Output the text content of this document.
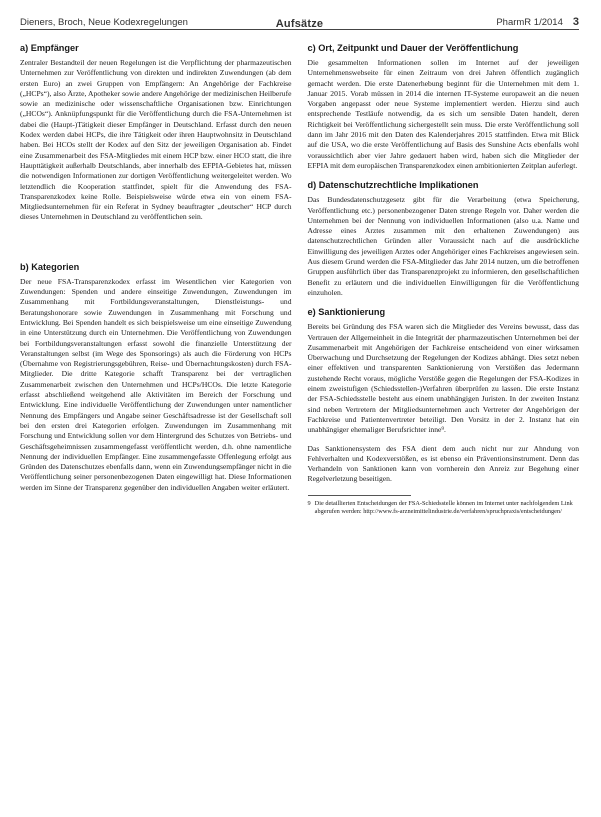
Dieners, Broch, Neue Kodexregelungen	Aufsätze	PharmR 1/2014 3
a) Empfänger

Zentraler Bestandteil der neuen Regelungen ist die Verpflichtung der pharmazeutischen Unternehmen zur Veröffentlichung von direkten und indirekten Zuwendungen (ab dem ersten Euro) an zwei Gruppen von Empfängern: An Angehörige der Fachkreise („HCPs“), also Ärzte, Apotheker sowie andere Angehörige der medizinischen Heilberufe sowie an medizinische oder wissenschaftliche Organisationen bzw. Einrichtungen („HCOs“). Anknüpfungspunkt für die Veröffentlichung durch die FSA-Unternehmen ist dabei die (Haupt-)Tätigkeit dieser Empfänger in Deutschland. Erfasst durch den neuen Kodex werden dabei HCPs, die ihre Tätigkeit oder ihren Hauptwohnsitz in Deutschland haben. Bei HCOs stellt der Kodex auf den Sitz der jeweiligen Organisation ab. Findet eine Zusammenarbeit des FSA-Mitgliedes mit einem HCP bzw. einer HCO statt, die ihre Haupttätigkeit außerhalb Deutschlands, aber innerhalb des EFPIA-Gebietes hat, müssen die notwendigen Informationen zur dortigen Veröffentlichung weitergeleitet werden. Wo letztendlich die Kooperation stattfindet, spielt für die Anwendung des FSA-Transparenzkodex keine Rolle. Beispielsweise würde etwa ein von einem FSA-Mitgliedsunternehmen für ein Referat in Sydney beauftragter „deutscher“ HCP durch dieses Unternehmen in Deutschland zu veröffentlichen sein.

b) Kategorien

Der neue FSA-Transparenzkodex erfasst im Wesentlichen vier Kategorien von Zuwendungen: Spenden und andere einseitige Zuwendungen, Zuwendungen im Zusammenhang mit Fortbildungsveranstaltungen, Dienstleistungs- und Beratungshonorare sowie Zuwendungen in Zusammenhang mit Forschung und Entwicklung. Bei Spenden handelt es sich beispielsweise um eine einseitige Zuwendung in eine Unterstützung durch ein Unternehmen. Die Veröffentlichung von Zuwendungen bei Fortbildungsveranstaltungen erfasst sowohl die finanzielle Unterstützung der Veranstaltungen selbst (im Wege des Sponsorings) als auch die Förderung von HCPs (Übernahme von Registrierungsgebühren, Reise- und Übernachtungskosten) durch FSA-Mitglieder. Die dritte Kategorie schafft Transparenz bei der vertraglichen Zusammenarbeit zwischen den Unternehmen und HCPs/HCOs. Die letzte Kategorie erfasst abschließend weitgehend alle Aktivitäten im Bereich der Forschung und Entwicklung. Eine individuelle Veröffentlichung der Zuwendungen unter namentlicher Nennung des Empfängers und Angabe seiner Geschäftsadresse ist der Gesellschaft soll bei den ersten drei Kategorien erfolgen. Zuwendungen im Zusammenhang mit Forschung und Entwicklung sollen vor dem Hintergrund des Schutzes von Betriebs- und Geschäftsgeheimnissen zusammengefasst veröffentlicht werden, d.h. ohne namentliche Nennung der individuellen Empfänger. Eine zusammengefasste Offenlegung erfolgt aus Gründen des Datenschutzes ebenfalls dann, wenn ein Zuwendungsempfänger nicht in die Veröffentlichung seiner personenbezogenen Daten eingewilligt hat. Diese Informationen werden im Sinne der Transparenz gegenüber den individuellen Angaben weiter erläutert.

c) Ort, Zeitpunkt und Dauer der Veröffentlichung

Die gesammelten Informationen sollen im Internet auf der jeweiligen Unternehmenswebseite für einen Zeitraum von drei Jahren öffentlich zugänglich gemacht werden. Die erste Datenerhebung beginnt für die Unternehmen mit dem 1. Januar 2015. Vorab müssen in 2014 die internen IT-Systeme europaweit an die neuen Vorgaben angepasst oder neue Systeme implementiert werden. Hierzu sind auch entsprechende Testläufe notwendig, da es sich um sensible Daten handelt, deren Richtigkeit bei Veröffentlichung sichergestellt sein muss. Die erste Veröffentlichung soll dann im Jahr 2016 mit den Daten des Kalenderjahres 2015 stattfinden. Etwa mit Blick auf die USA, wo die erste Veröffentlichung auf Basis des Sunshine Acts ebenfalls wohl voraussichtlich aber vier Jahre gedauert haben wird, haben sich die Mitglieder der EFPIA mit dem europäischen Transparenzkodex einen ambitionierten Zeitplan auferlegt.

d) Datenschutzrechtliche Implikationen

Das Bundesdatenschutzgesetz gibt für die Verarbeitung (etwa Speicherung, Veröffentlichung etc.) personenbezogener Daten strenge Regeln vor. Daher werden die Unternehmen bei der Nennung von individuellen Informationen (also u.a. Name und Adresse eines Arztes zusammen mit den erhaltenen Zuwendungen) aus datenschutzrechtlichen Gründen aller Voraussicht nach auf die ausdrückliche Einwilligung des jeweiligen Arztes oder Angehöriger eines Fachkreises angewiesen sein. Aus diesem Grund werden die FSA-Mitglieder das Jahr 2014 nutzen, um die betroffenen Gruppen ausführlich über das Transparenzprojekt zu informieren, den gesellschaftlichen Benefit zu erläutern und die individuellen Einwilligungen für die Veröffentlichung einzuholen.

e) Sanktionierung

Bereits bei Gründung des FSA waren sich die Mitglieder des Vereins bewusst, dass das Vertrauen der Allgemeinheit in die Integrität der pharmazeutischen Unternehmen bei der Zusammenarbeit mit Angehörigen der Fachkreise entscheidend von einer wirksamen Überwachung und Durchsetzung der Regelungen der Kodizes abhängt. Dies setzt neben einer effektiven und transparenten Sanktionierung von Verstößen das Jedermann zustehende Recht voraus, mögliche Verstöße gegen die Regelungen der FSA-Kodizes in einem zweistufigen (Schiedsstellen-)Verfahren überprüfen zu lassen. Die erste Instanz der FSA-Schiedsstelle besteht aus einem unabhängigen Juristen. In der zweiten Instanz sind neben Vertretern der Mitgliedsunternehmen auch Vertreter der Angehörigen der Fachkreise und Patientenvertreter beteiligt. Den Vorsitz in der 2. Instanz hat ein unabhängiger ehemaliger Berufsrichter inne⁹.

Das Sanktionensystem des FSA dient dem auch nicht nur zur Ahndung von Fehlverhalten und Kodexverstößen, es ist ebenso ein Präventionsinstrument. Denn das Verhandeln von Sanktionen kann von vornherein den Anreiz zur Begehung einer Regelverletzung beseitigen.

9 Die detaillierten Entscheidungen der FSA-Schiedsstelle können im Internet unter nachfolgendem Link abgerufen werden: http://www.fs-arzneimittelindustrie.de/verfahren/spruchpraxis/entscheidungen/
